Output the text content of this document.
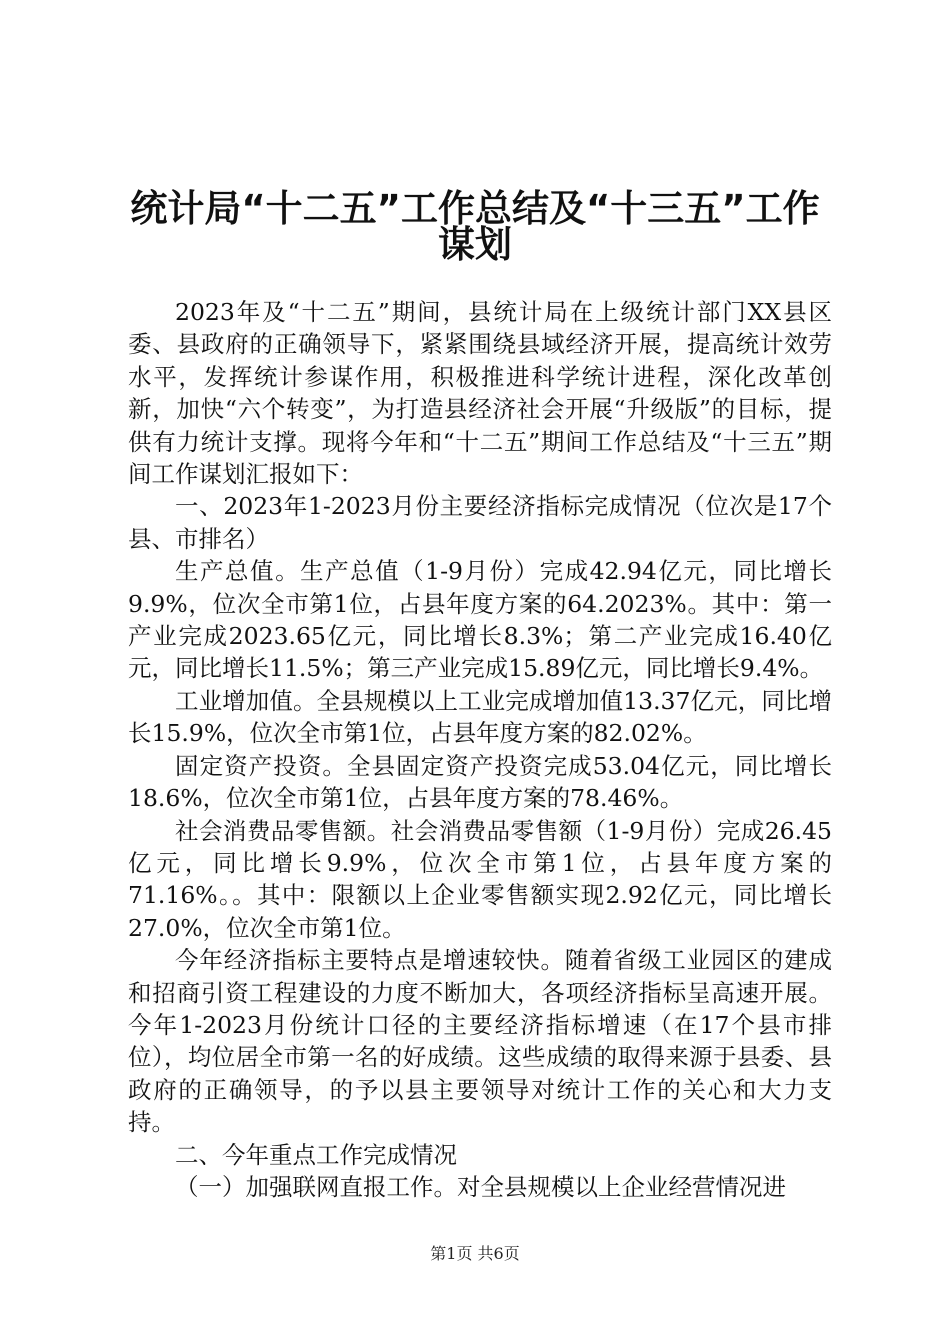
统计局“十二五”工作总结及“十三五”工作
谋划

2023年及“十二五”期间，县统计局在上级统计部门XX县区委、县政府的正确领导下，紧紧围绕县域经济开展，提高统计效劳水平，发挥统计参谋作用，积极推进科学统计进程，深化改革创新，加快“六个转变”，为打造县经济社会开展“升级版”的目标，提供有力统计支撑。现将今年和“十二五”期间工作总结及“十三五”期间工作谋划汇报如下：

一、2023年1-2023月份主要经济指标完成情况（位次是17个县、市排名）

生产总值。生产总值（1-9月份）完成42.94亿元，同比增长9.9%，位次全市第1位，占县年度方案的64.2023%。其中：第一产业完成2023.65亿元，同比增长8.3%；第二产业完成16.40亿元，同比增长11.5%；第三产业完成15.89亿元，同比增长9.4%。

工业增加值。全县规模以上工业完成增加值13.37亿元，同比增长15.9%，位次全市第1位，占县年度方案的82.02%。

固定资产投资。全县固定资产投资完成53.04亿元，同比增长18.6%，位次全市第1位，占县年度方案的78.46%。

社会消费品零售额。社会消费品零售额（1-9月份）完成26.45亿元，同比增长9.9%，位次全市第1位，占县年度方案的71.16%。。其中：限额以上企业零售额实现2.92亿元，同比增长27.0%，位次全市第1位。

今年经济指标主要特点是增速较快。随着省级工业园区的建成和招商引资工程建设的力度不断加大，各项经济指标呈高速开展。今年1-2023月份统计口径的主要经济指标增速（在17个县市排位），均位居全市第一名的好成绩。这些成绩的取得来源于县委、县政府的正确领导，的予以县主要领导对统计工作的关心和大力支持。

二、今年重点工作完成情况

（一）加强联网直报工作。对全县规模以上企业经营情况进

第1页 共6页
